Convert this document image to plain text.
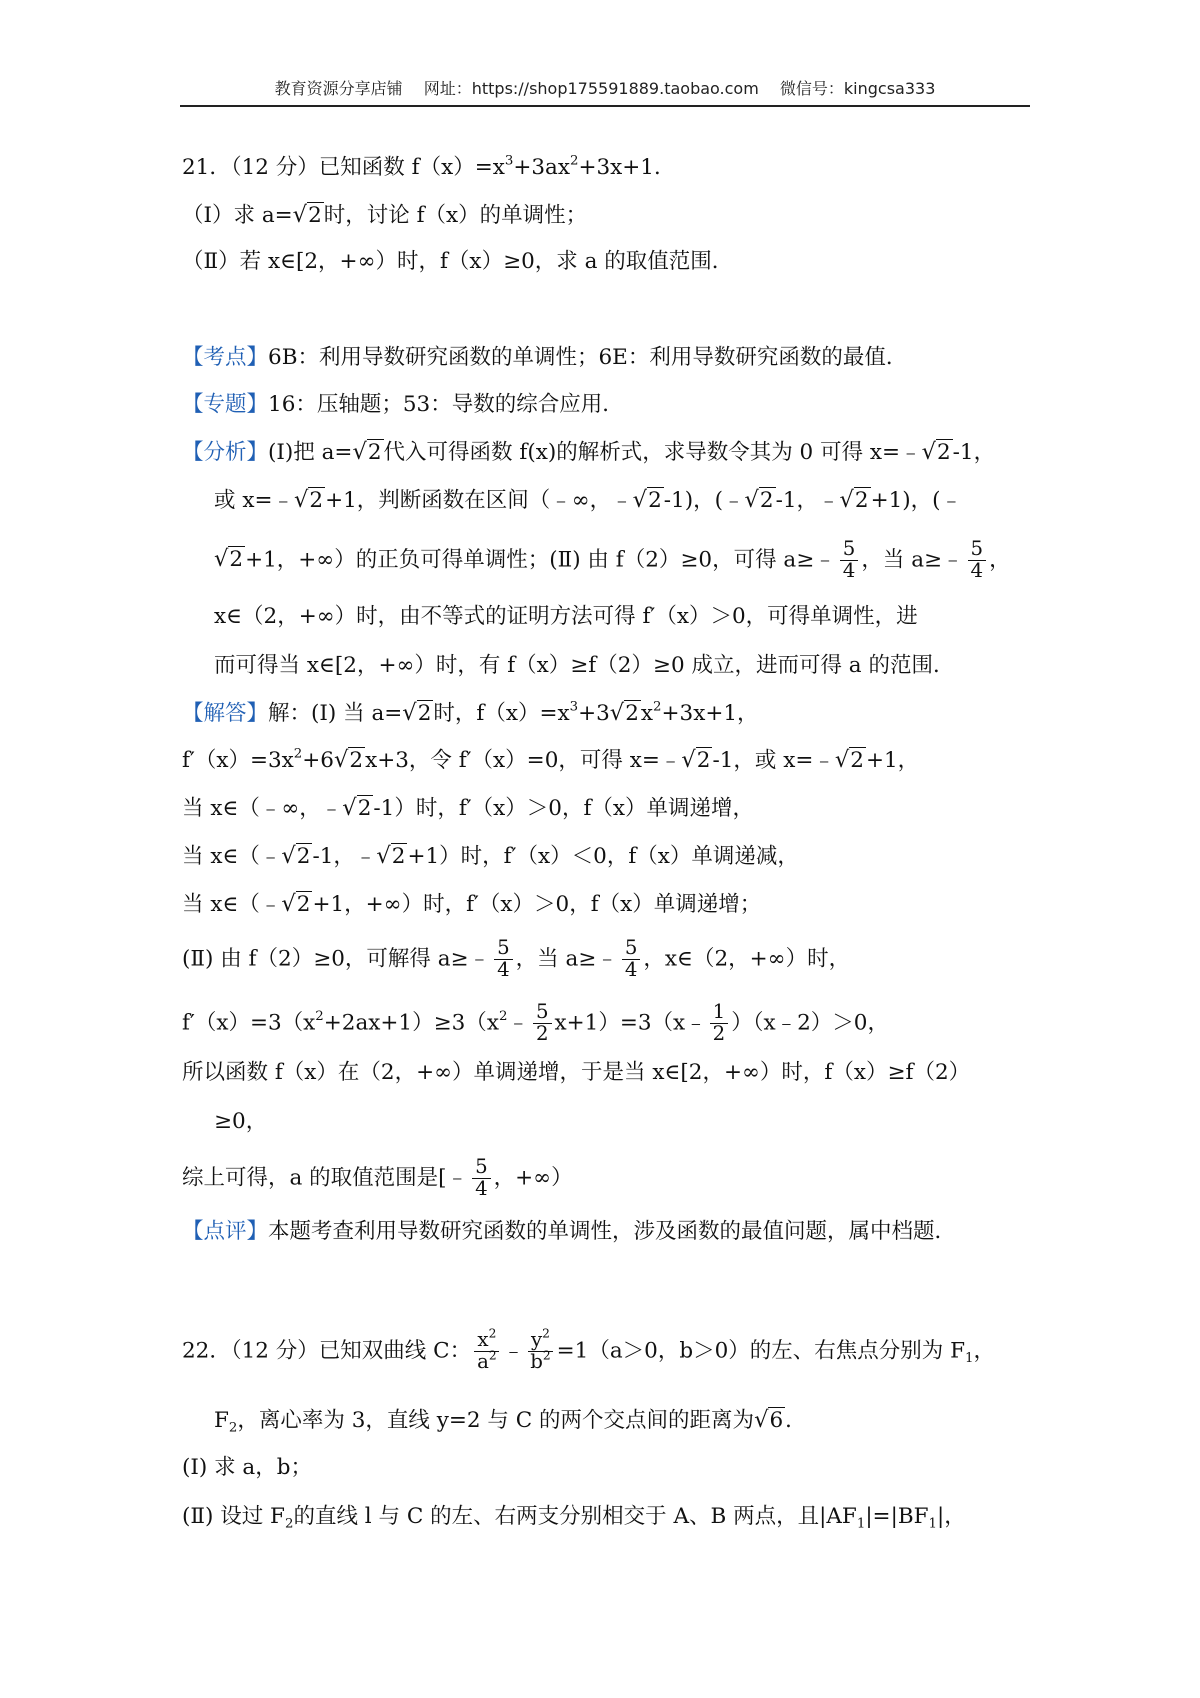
教育资源分享店铺 网址：https://shop175591889.taobao.com 微信号：kingcsa333
21．（12 分）已知函数 $f(x)=x^3+3ax^2+3x+1$．
（Ⅰ）求 a=√2时，讨论 f（x）的单调性；
（Ⅱ）若 x∈[2，+∞）时，f（x）≥0，求 a 的取值范围．
【考点】6B：利用导数研究函数的单调性；6E：利用导数研究函数的最值．
【专题】16：压轴题；53：导数的综合应用．
【分析】(Ⅰ)把 a=√2代入可得函数 f(x)的解析式，求导数令其为 0 可得 x=﹣√2-1，
或 x=﹣√2+1，判断函数在区间（﹣∞，﹣√2-1)，(﹣√2-1，﹣√2+1)，(﹣
√2+1，+∞）的正负可得单调性；(Ⅱ) 由 f（2）≥0，可得 a≥﹣ $\frac{5}{4}$ ，当 a≥﹣ $\frac{5}{4}$ ，
x∈（2，+∞）时，由不等式的证明方法可得 f′（x）＞0，可得单调性，进
而可得当 x∈[2，+∞）时，有 f（x）≥f（2）≥0 成立，进而可得 a 的范围．
【解答】解：(Ⅰ) 当 a=√2时，$f(x)=x^3+3√2x^2+3x+1$，
$f'(x)=3x^2+6√2x+3$，令 f′（x）=0，可得 x=﹣√2-1，或 x=﹣√2+1，
当 x∈（﹣∞，﹣√2-1）时，f′（x）＞0，f（x）单调递增，
当 x∈（﹣√2-1，﹣√2+1）时，f′（x）＜0，f（x）单调递减，
当 x∈（﹣√2+1，+∞）时，f′（x）＞0，f（x）单调递增；
(Ⅱ) 由 f（2）≥0，可解得 a≥﹣ $\frac{5}{4}$ ，当 a≥﹣ $\frac{5}{4}$ ，x∈（2，+∞）时，
$f'(x)=3(x^2+2ax+1)\ge 3(x^2﹣ \frac{5}{2}$ x+1）=3（x﹣ $\frac{1}{2}$ ）（x﹣2）＞0，
所以函数 f（x）在（2，+∞）单调递增，于是当 x∈[2，+∞）时，f（x）≥f（2）
≥0，
综上可得，a 的取值范围是[﹣ $\frac{5}{4}$ ，+∞）
【点评】本题考查利用导数研究函数的单调性，涉及函数的最值问题，属中档题．
22．（12 分）已知双曲线 C： $\frac{x^2}{a^2}$ ﹣ $\frac{y^2}{b^2} =1(a>0$，b＞0）的左、右焦点分别为 $F_1$，
$F_2$，离心率为 3，直线 y=2 与 C 的两个交点间的距离为√6．
(Ⅰ) 求 a，b；
(Ⅱ) 设过 $F_2$的直线 l 与 C 的左、右两支分别相交于 A、B 两点，且$|AF_1|=|BF_1|$，
